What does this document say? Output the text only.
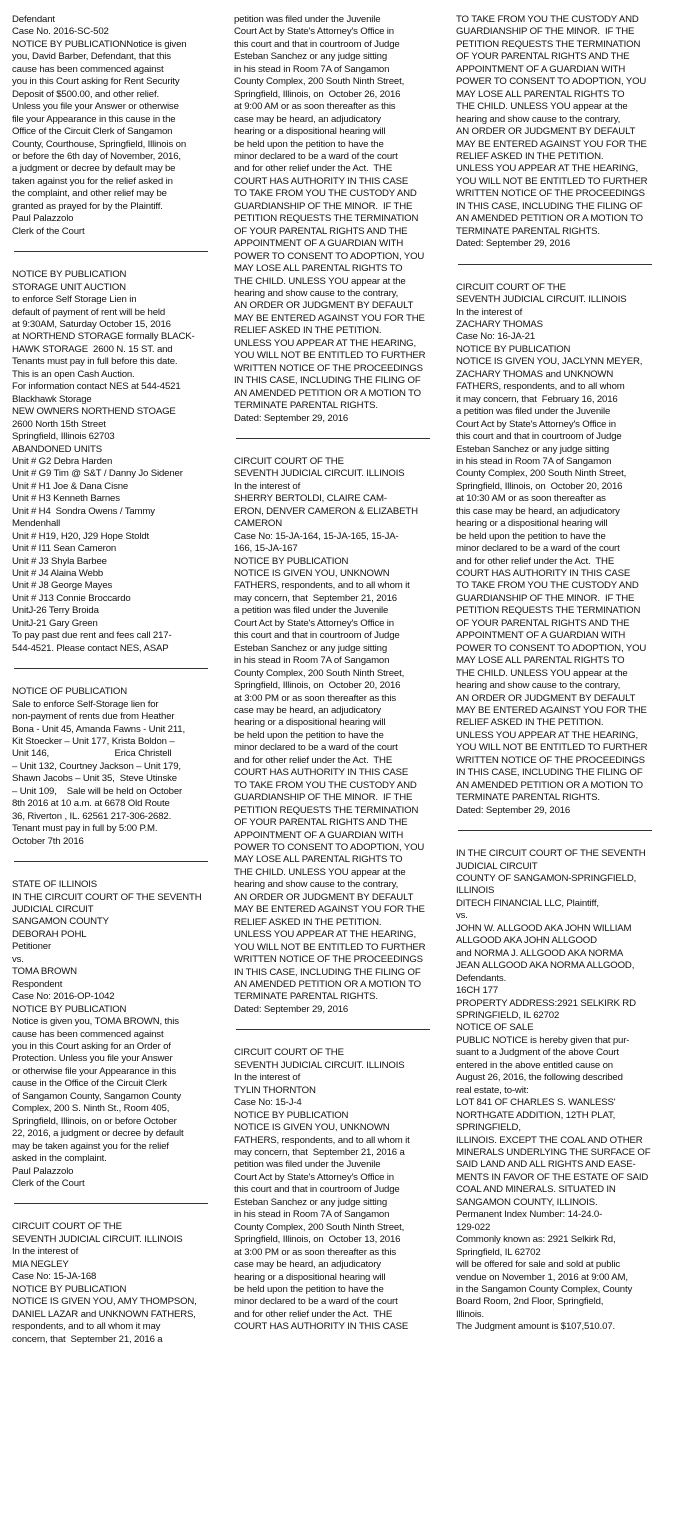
Defendant
Case No. 2016-SC-502
NOTICE BY PUBLICATIONNotice is given
you, David Barber, Defendant, that this
cause has been commenced against
you in this Court asking for Rent Security
Deposit of $500.00, and other relief.
Unless you file your Answer or otherwise
file your Appearance in this cause in the
Office of the Circuit Clerk of Sangamon
County, Courthouse, Springfield, Illinois on
or before the 6th day of November, 2016,
a judgment or decree by default may be
taken against you for the relief asked in
the complaint, and other relief may be
granted as prayed for by the Plaintiff.
Paul Palazzolo
Clerk of the Court
NOTICE BY PUBLICATION
STORAGE UNIT AUCTION
to enforce Self Storage Lien in
default of payment of rent will be held
at 9:30AM, Saturday October 15, 2016
at NORTHEND STORAGE formally BLACK-
HAWK STORAGE  2600 N. 15 ST. and
Tenants must pay in full before this date.
This is an open Cash Auction.
For information contact NES at 544-4521
Blackhawk Storage
NEW OWNERS NORTHEND STOAGE
2600 North 15th Street
Springfield, Illinois 62703
ABANDONED UNITS
Unit # G2 Debra Harden
Unit # G9 Tim @ S&T / Danny Jo Sidener
Unit # H1 Joe & Dana Cisne
Unit # H3 Kenneth Barnes
Unit # H4  Sondra Owens / Tammy
Mendenhall
Unit # H19, H20, J29 Hope Stoldt
Unit # I11 Sean Cameron
Unit # J3 Shyla Barbee
Unit # J4 Alaina Webb
Unit # J8 George Mayes
Unit # J13 Connie Broccardo
UnitJ-26 Terry Broida
UnitJ-21 Gary Green
To pay past due rent and fees call 217-
544-4521. Please contact NES, ASAP
NOTICE OF PUBLICATION
Sale to enforce Self-Storage lien for
non-payment of rents due from Heather
Bona - Unit 45, Amanda Fawns - Unit 211,
Kit Stoecker – Unit 177, Krista Boldon –
Unit 146,                          Erica Christell
– Unit 132, Courtney Jackson – Unit 179,
Shawn Jacobs – Unit 35,  Steve Utinske
– Unit 109,    Sale will be held on October
8th 2016 at 10 a.m. at 6678 Old Route
36, Riverton , IL. 62561 217-306-2682.
Tenant must pay in full by 5:00 P.M.
October 7th 2016
STATE OF ILLINOIS
IN THE CIRCUIT COURT OF THE SEVENTH
JUDICIAL CIRCUIT
SANGAMON COUNTY
DEBORAH POHL
Petitioner
vs.
TOMA BROWN
Respondent
Case No: 2016-OP-1042
NOTICE BY PUBLICATION
Notice is given you, TOMA BROWN, this
cause has been commenced against
you in this Court asking for an Order of
Protection. Unless you file your Answer
or otherwise file your Appearance in this
cause in the Office of the Circuit Clerk
of Sangamon County, Sangamon County
Complex, 200 S. Ninth St., Room 405,
Springfield, Illinois, on or before October
22, 2016, a judgment or decree by default
may be taken against you for the relief
asked in the complaint.
Paul Palazzolo
Clerk of the Court
CIRCUIT COURT OF THE
SEVENTH JUDICIAL CIRCUIT. ILLINOIS
In the interest of
MIA NEGLEY
Case No: 15-JA-168
NOTICE BY PUBLICATION
NOTICE IS GIVEN YOU, AMY THOMPSON,
DANIEL LAZAR and UNKNOWN FATHERS,
respondents, and to all whom it may
concern, that  September 21, 2016 a
petition was filed under the Juvenile
Court Act by State's Attorney's Office in
this court and that in courtroom of Judge
Esteban Sanchez or any judge sitting
in his stead in Room 7A of Sangamon
County Complex, 200 South Ninth Street,
Springfield, Illinois, on  October 26, 2016
at 9:00 AM or as soon thereafter as this
case may be heard, an adjudicatory
hearing or a dispositional hearing will
be held upon the petition to have the
minor declared to be a ward of the court
and for other relief under the Act.  THE
COURT HAS AUTHORITY IN THIS CASE
TO TAKE FROM YOU THE CUSTODY AND
GUARDIANSHIP OF THE MINOR.  IF THE
PETITION REQUESTS THE TERMINATION
OF YOUR PARENTAL RIGHTS AND THE
APPOINTMENT OF A GUARDIAN WITH
POWER TO CONSENT TO ADOPTION, YOU
MAY LOSE ALL PARENTAL RIGHTS TO
THE CHILD. UNLESS YOU appear at the
hearing and show cause to the contrary,
AN ORDER OR JUDGMENT BY DEFAULT
MAY BE ENTERED AGAINST YOU FOR THE
RELIEF ASKED IN THE PETITION.
UNLESS YOU APPEAR AT THE HEARING,
YOU WILL NOT BE ENTITLED TO FURTHER
WRITTEN NOTICE OF THE PROCEEDINGS
IN THIS CASE, INCLUDING THE FILING OF
AN AMENDED PETITION OR A MOTION TO
TERMINATE PARENTAL RIGHTS.
Dated: September 29, 2016
CIRCUIT COURT OF THE
SEVENTH JUDICIAL CIRCUIT. ILLINOIS
In the interest of
SHERRY BERTOLDI, CLAIRE CAM-
ERON, DENVER CAMERON & ELIZABETH
CAMERON
Case No: 15-JA-164, 15-JA-165, 15-JA-
166, 15-JA-167
NOTICE BY PUBLICATION
NOTICE IS GIVEN YOU, UNKNOWN
FATHERS, respondents, and to all whom it
may concern, that  September 21, 2016
a petition was filed under the Juvenile
Court Act by State's Attorney's Office in
this court and that in courtroom of Judge
Esteban Sanchez or any judge sitting
in his stead in Room 7A of Sangamon
County Complex, 200 South Ninth Street,
Springfield, Illinois, on  October 20, 2016
at 3:00 PM or as soon thereafter as this
case may be heard, an adjudicatory
hearing or a dispositional hearing will
be held upon the petition to have the
minor declared to be a ward of the court
and for other relief under the Act.  THE
COURT HAS AUTHORITY IN THIS CASE
TO TAKE FROM YOU THE CUSTODY AND
GUARDIANSHIP OF THE MINOR.  IF THE
PETITION REQUESTS THE TERMINATION
OF YOUR PARENTAL RIGHTS AND THE
APPOINTMENT OF A GUARDIAN WITH
POWER TO CONSENT TO ADOPTION, YOU
MAY LOSE ALL PARENTAL RIGHTS TO
THE CHILD. UNLESS YOU appear at the
hearing and show cause to the contrary,
AN ORDER OR JUDGMENT BY DEFAULT
MAY BE ENTERED AGAINST YOU FOR THE
RELIEF ASKED IN THE PETITION.
UNLESS YOU APPEAR AT THE HEARING,
YOU WILL NOT BE ENTITLED TO FURTHER
WRITTEN NOTICE OF THE PROCEEDINGS
IN THIS CASE, INCLUDING THE FILING OF
AN AMENDED PETITION OR A MOTION TO
TERMINATE PARENTAL RIGHTS.
Dated: September 29, 2016
CIRCUIT COURT OF THE
SEVENTH JUDICIAL CIRCUIT. ILLINOIS
In the interest of
TYLIN THORNTON
Case No: 15-J-4
NOTICE BY PUBLICATION
NOTICE IS GIVEN YOU, UNKNOWN
FATHERS, respondents, and to all whom it
may concern, that  September 21, 2016 a
petition was filed under the Juvenile
Court Act by State's Attorney's Office in
this court and that in courtroom of Judge
Esteban Sanchez or any judge sitting
in his stead in Room 7A of Sangamon
County Complex, 200 South Ninth Street,
Springfield, Illinois, on  October 13, 2016
at 3:00 PM or as soon thereafter as this
case may be heard, an adjudicatory
hearing or a dispositional hearing will
be held upon the petition to have the
minor declared to be a ward of the court
and for other relief under the Act.  THE
COURT HAS AUTHORITY IN THIS CASE
TO TAKE FROM YOU THE CUSTODY AND
GUARDIANSHIP OF THE MINOR.  IF THE
PETITION REQUESTS THE TERMINATION
OF YOUR PARENTAL RIGHTS AND THE
APPOINTMENT OF A GUARDIAN WITH
POWER TO CONSENT TO ADOPTION, YOU
MAY LOSE ALL PARENTAL RIGHTS TO
THE CHILD. UNLESS YOU appear at the
hearing and show cause to the contrary,
AN ORDER OR JUDGMENT BY DEFAULT
MAY BE ENTERED AGAINST YOU FOR THE
RELIEF ASKED IN THE PETITION.
UNLESS YOU APPEAR AT THE HEARING,
YOU WILL NOT BE ENTITLED TO FURTHER
WRITTEN NOTICE OF THE PROCEEDINGS
IN THIS CASE, INCLUDING THE FILING OF
AN AMENDED PETITION OR A MOTION TO
TERMINATE PARENTAL RIGHTS.
Dated: September 29, 2016
CIRCUIT COURT OF THE
SEVENTH JUDICIAL CIRCUIT. ILLINOIS
In the interest of
ZACHARY THOMAS
Case No: 16-JA-21
NOTICE BY PUBLICATION
NOTICE IS GIVEN YOU, JACLYNN MEYER,
ZACHARY THOMAS and UNKNOWN
FATHERS, respondents, and to all whom
it may concern, that  February 16, 2016
a petition was filed under the Juvenile
Court Act by State's Attorney's Office in
this court and that in courtroom of Judge
Esteban Sanchez or any judge sitting
in his stead in Room 7A of Sangamon
County Complex, 200 South Ninth Street,
Springfield, Illinois, on  October 20, 2016
at 10:30 AM or as soon thereafter as
this case may be heard, an adjudicatory
hearing or a dispositional hearing will
be held upon the petition to have the
minor declared to be a ward of the court
and for other relief under the Act.  THE
COURT HAS AUTHORITY IN THIS CASE
TO TAKE FROM YOU THE CUSTODY AND
GUARDIANSHIP OF THE MINOR.  IF THE
PETITION REQUESTS THE TERMINATION
OF YOUR PARENTAL RIGHTS AND THE
APPOINTMENT OF A GUARDIAN WITH
POWER TO CONSENT TO ADOPTION, YOU
MAY LOSE ALL PARENTAL RIGHTS TO
THE CHILD. UNLESS YOU appear at the
hearing and show cause to the contrary,
AN ORDER OR JUDGMENT BY DEFAULT
MAY BE ENTERED AGAINST YOU FOR THE
RELIEF ASKED IN THE PETITION.
UNLESS YOU APPEAR AT THE HEARING,
YOU WILL NOT BE ENTITLED TO FURTHER
WRITTEN NOTICE OF THE PROCEEDINGS
IN THIS CASE, INCLUDING THE FILING OF
AN AMENDED PETITION OR A MOTION TO
TERMINATE PARENTAL RIGHTS.
Dated: September 29, 2016
IN THE CIRCUIT COURT OF THE SEVENTH
JUDICIAL CIRCUIT
COUNTY OF SANGAMON-SPRINGFIELD,
ILLINOIS
DITECH FINANCIAL LLC, Plaintiff,
vs.
JOHN W. ALLGOOD AKA JOHN WILLIAM
ALLGOOD AKA JOHN ALLGOOD
and NORMA J. ALLGOOD AKA NORMA
JEAN ALLGOOD AKA NORMA ALLGOOD,
Defendants.
16CH 177
PROPERTY ADDRESS:2921 SELKIRK RD
SPRINGFIELD, IL 62702
NOTICE OF SALE
PUBLIC NOTICE is hereby given that pur-
suant to a Judgment of the above Court
entered in the above entitled cause on
August 26, 2016, the following described
real estate, to-wit:
LOT 841 OF CHARLES S. WANLESS'
NORTHGATE ADDITION, 12TH PLAT,
SPRINGFIELD,
ILLINOIS. EXCEPT THE COAL AND OTHER
MINERALS UNDERLYING THE SURFACE OF
SAID LAND AND ALL RIGHTS AND EASE-
MENTS IN FAVOR OF THE ESTATE OF SAID
COAL AND MINERALS. SITUATED IN
SANGAMON COUNTY, ILLINOIS.
Permanent Index Number: 14-24.0-
129-022
Commonly known as: 2921 Selkirk Rd,
Springfield, IL 62702
will be offered for sale and sold at public
vendue on November 1, 2016 at 9:00 AM,
in the Sangamon County Complex, County
Board Room, 2nd Floor, Springfield,
Illinois.
The Judgment amount is $107,510.07.
